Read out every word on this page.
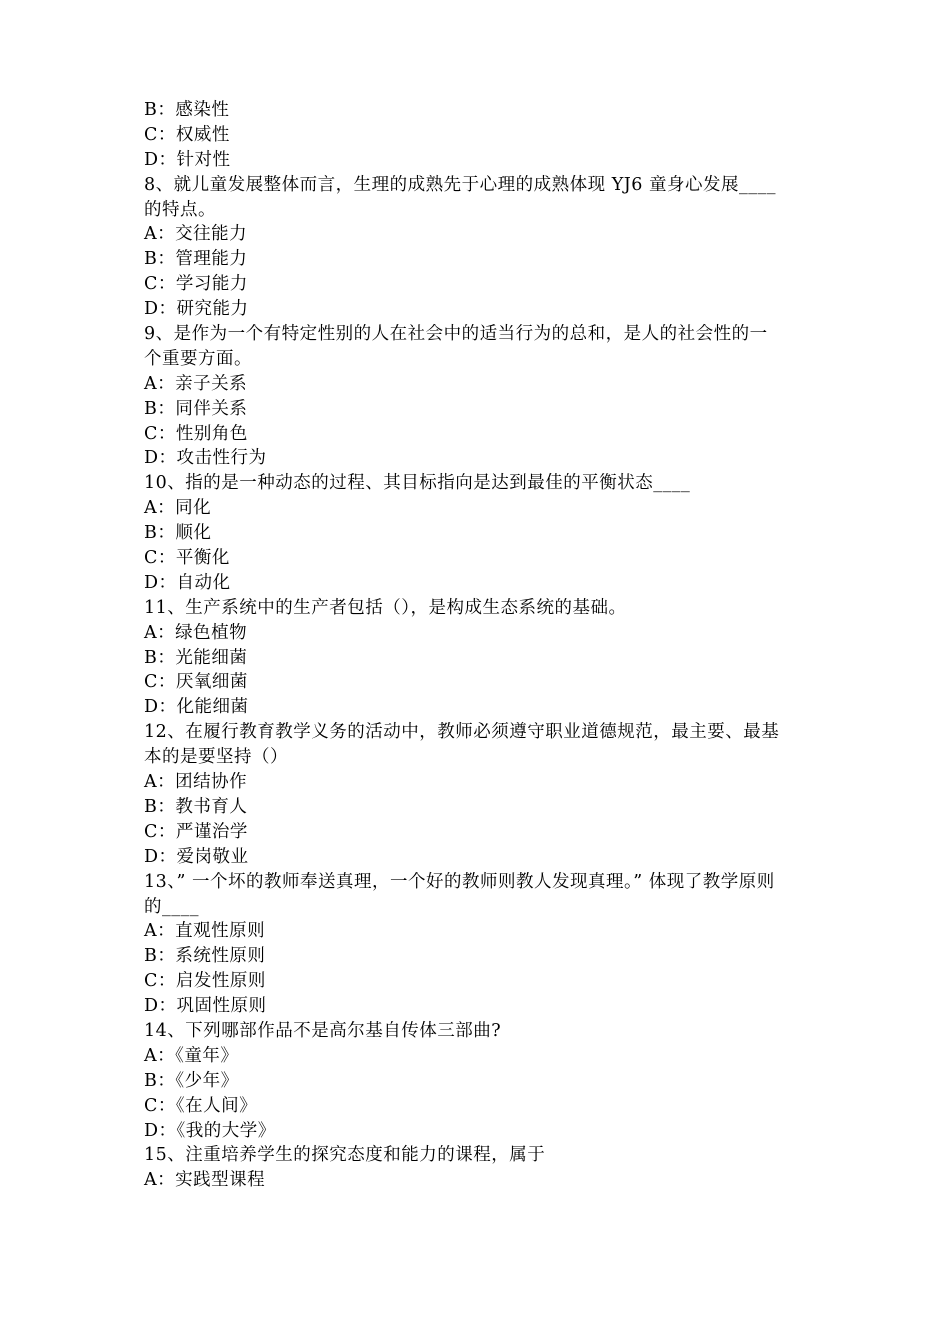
B：感染性
C：权威性
D：针对性
8、就儿童发展整体而言，生理的成熟先于心理的成熟体现 YJ6 童身心发展____
的特点。
A：交往能力
B：管理能力
C：学习能力
D：研究能力
9、是作为一个有特定性别的人在社会中的适当行为的总和，是人的社会性的一
个重要方面。
A：亲子关系
B：同伴关系
C：性别角色
D：攻击性行为
10、指的是一种动态的过程、其目标指向是达到最佳的平衡状态____
A：同化
B：顺化
C：平衡化
D：自动化
11、生产系统中的生产者包括（），是构成生态系统的基础。
A：绿色植物
B：光能细菌
C：厌氧细菌
D：化能细菌
12、在履行教育教学义务的活动中，教师必须遵守职业道德规范，最主要、最基
本的是要坚持（）
A：团结协作
B：教书育人
C：严谨治学
D：爱岗敬业
13、” 一个坏的教师奉送真理，一个好的教师则教人发现真理。” 体现了教学原则
的____
A：直观性原则
B：系统性原则
C：启发性原则
D：巩固性原则
14、下列哪部作品不是高尔基自传体三部曲?
A：《童年》
B：《少年》
C：《在人间》
D：《我的大学》
15、注重培养学生的探究态度和能力的课程，属于
A：实践型课程
